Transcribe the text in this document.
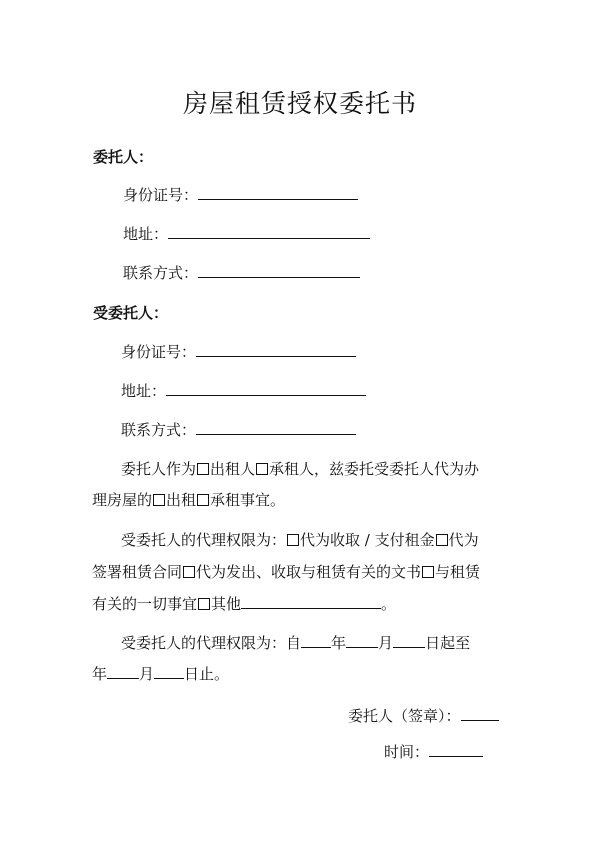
房屋租赁授权委托书
委托人：
身份证号：
地址：
联系方式：
受委托人：
身份证号：
地址：
联系方式：
委托人作为 出租人 承租人，兹委托受委托人代为办
理房屋的 出租 承租事宜。
受委托人的代理权限为： 代为收取 / 支付租金 代为
签署租赁合同 代为发出、收取与租赁有关的文书 与租赁
有关的一切事宜 其他	。
受委托人的代理权限为：自 年 月 日起至
年 月 日止。
委托人（签章）：
时间：
